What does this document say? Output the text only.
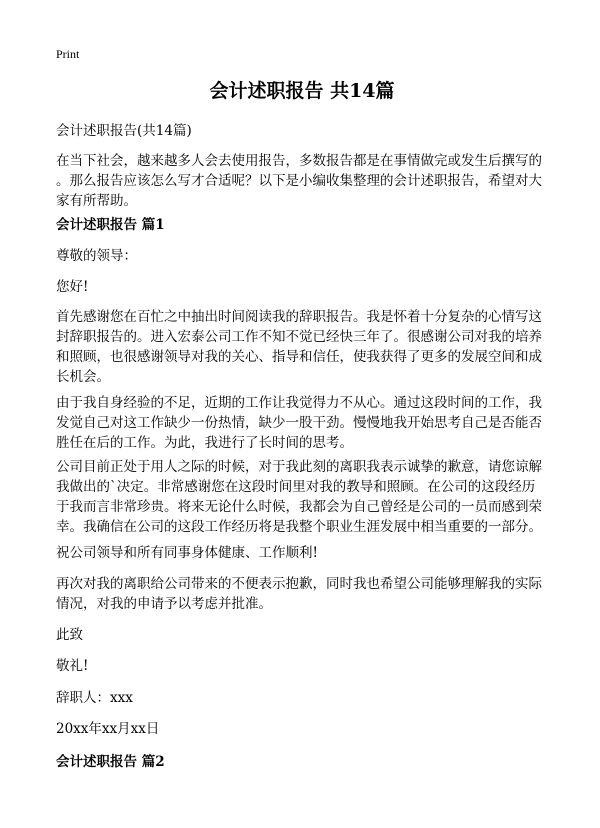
Print
会计述职报告 共14篇
会计述职报告(共14篇)
在当下社会，越来越多人会去使用报告，多数报告都是在事情做完或发生后撰写的
。那么报告应该怎么写才合适呢？以下是小编收集整理的会计述职报告，希望对大
家有所帮助。
会计述职报告 篇1
尊敬的领导：
您好!
首先感谢您在百忙之中抽出时间阅读我的辞职报告。我是怀着十分复杂的心情写这
封辞职报告的。进入宏泰公司工作不知不觉已经快三年了。很感谢公司对我的培养
和照顾，也很感谢领导对我的关心、指导和信任，使我获得了更多的发展空间和成
长机会。
由于我自身经验的不足，近期的工作让我觉得力不从心。通过这段时间的工作，我
发觉自己对这工作缺少一份热情，缺少一股干劲。慢慢地我开始思考自己是否能否
胜任在后的工作。为此，我进行了长时间的思考。
公司目前正处于用人之际的时候，对于我此刻的离职我表示诚挚的歉意，请您谅解
我做出的`决定。非常感谢您在这段时间里对我的教导和照顾。在公司的这段经历
于我而言非常珍贵。将来无论什么时候，我都会为自己曾经是公司的一员而感到荣
幸。我确信在公司的这段工作经历将是我整个职业生涯发展中相当重要的一部分。
祝公司领导和所有同事身体健康、工作顺利!
再次对我的离职给公司带来的不便表示抱歉，同时我也希望公司能够理解我的实际
情况，对我的申请予以考虑并批准。
此致
敬礼!
辞职人：xxx
20xx年xx月xx日
会计述职报告 篇2
